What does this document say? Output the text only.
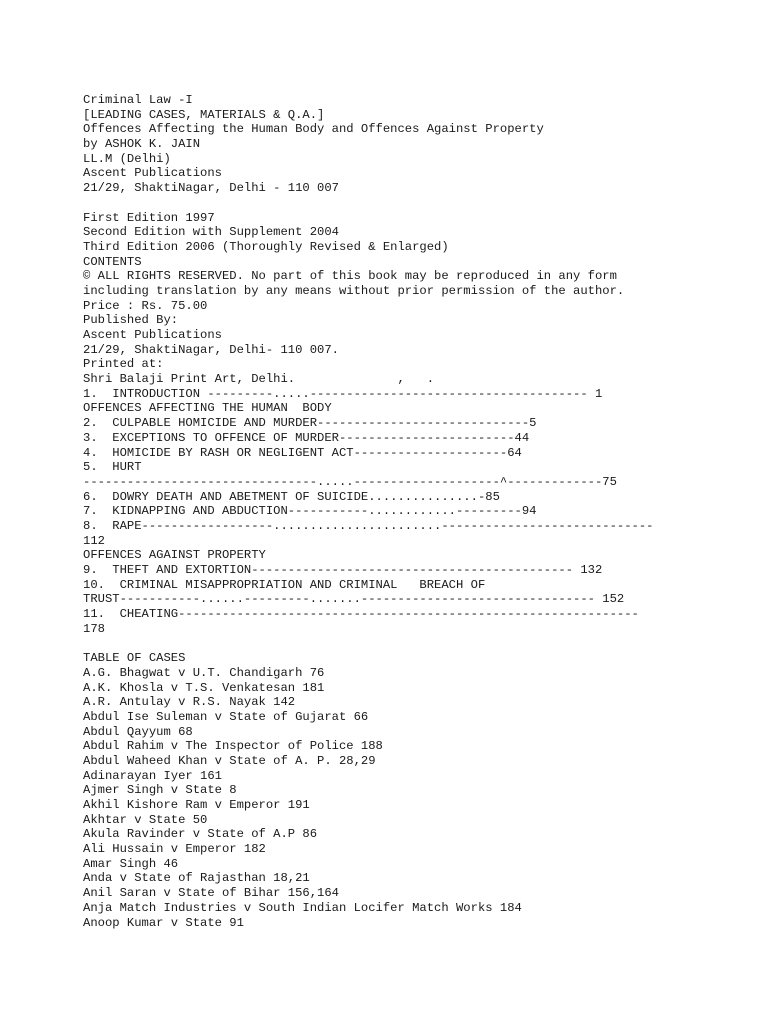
Criminal Law -I
[LEADING CASES, MATERIALS & Q.A.]
Offences Affecting the Human Body and Offences Against Property
by ASHOK K. JAIN
LL.M (Delhi)
Ascent Publications
21/29, ShaktiNagar, Delhi - 110 007
First Edition 1997
Second Edition with Supplement 2004
Third Edition 2006 (Thoroughly Revised & Enlarged)
CONTENTS
© ALL RIGHTS RESERVED. No part of this book may be reproduced in any form
including translation by any means without prior permission of the author.
Price : Rs. 75.00
Published By:
Ascent Publications
21/29, ShaktiNagar, Delhi- 110 007.
Printed at:
Shri Balaji Print Art, Delhi.              ,   .
1.  INTRODUCTION ---------.....-------------------------------------- 1
OFFENCES AFFECTING THE HUMAN  BODY
2.  CULPABLE HOMICIDE AND MURDER-----------------------------5
3.  EXCEPTIONS TO OFFENCE OF MURDER------------------------44
4.  HOMICIDE BY RASH OR NEGLIGENT ACT---------------------64
5.  HURT
--------------------------------.....--------------------^-------------75
6.  DOWRY DEATH AND ABETMENT OF SUICIDE...............-85
7.  KIDNAPPING AND ABDUCTION-----------............---------94
8.  RAPE------------------.......................-----------------------------
112
OFFENCES AGAINST PROPERTY
9.  THEFT AND EXTORTION-------------------------------------------- 132
10.  CRIMINAL MISAPPROPRIATION AND CRIMINAL   BREACH OF
TRUST-----------......---------.......-------------------------------- 152
11.  CHEATING---------------------------------------------------------------
178
TABLE OF CASES
A.G. Bhagwat v U.T. Chandigarh 76
A.K. Khosla v T.S. Venkatesan 181
A.R. Antulay v R.S. Nayak 142
Abdul Ise Suleman v State of Gujarat 66
Abdul Qayyum 68
Abdul Rahim v The Inspector of Police 188
Abdul Waheed Khan v State of A. P. 28,29
Adinarayan Iyer 161
Ajmer Singh v State 8
Akhil Kishore Ram v Emperor 191
Akhtar v State 50
Akula Ravinder v State of A.P 86
Ali Hussain v Emperor 182
Amar Singh 46
Anda v State of Rajasthan 18,21
Anil Saran v State of Bihar 156,164
Anja Match Industries v South Indian Locifer Match Works 184
Anoop Kumar v State 91
